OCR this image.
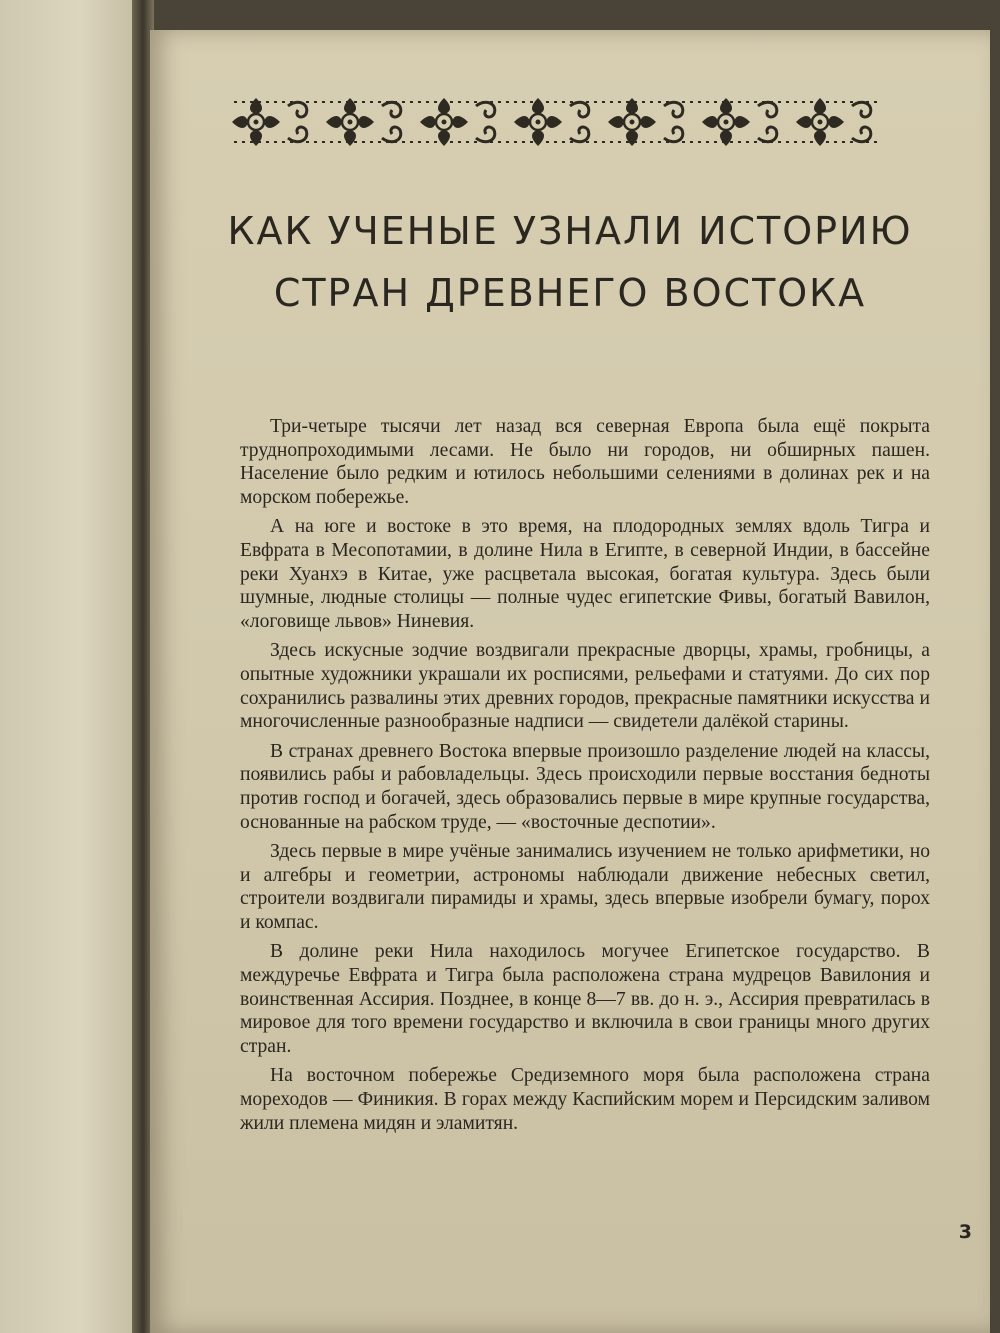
КАК УЧЕНЫЕ УЗНАЛИ ИСТОРИЮ
СТРАН ДРЕВНЕГО ВОСТОКА

Три-четыре тысячи лет назад вся северная Европа была ещё покрыта труднопроходимыми лесами. Не было ни городов, ни обширных пашен. Население было редким и ютилось небольшими селениями в долинах рек и на морском побережье.

А на юге и востоке в это время, на плодородных землях вдоль Тигра и Евфрата в Месопотамии, в долине Нила в Египте, в северной Индии, в бассейне реки Хуанхэ в Китае, уже расцветала высокая, богатая культура. Здесь были шумные, людные столицы — полные чудес египетские Фивы, богатый Вавилон, «логовище львов» Ниневия.

Здесь искусные зодчие воздвигали прекрасные дворцы, храмы, гробницы, а опытные художники украшали их росписями, рельефами и статуями. До сих пор сохранились развалины этих древних городов, прекрасные памятники искусства и многочисленные разнообразные надписи — свидетели далёкой старины.

В странах древнего Востока впервые произошло разделение людей на классы, появились рабы и рабовладельцы. Здесь происходили первые восстания бедноты против господ и богачей, здесь образовались первые в мире крупные государства, основанные на рабском труде, — «восточные деспотии».

Здесь первые в мире учёные занимались изучением не только арифметики, но и алгебры и геометрии, астрономы наблюдали движение небесных светил, строители воздвигали пирамиды и храмы, здесь впервые изобрели бумагу, порох и компас.

В долине реки Нила находилось могучее Египетское государство. В междуречье Евфрата и Тигра была расположена страна мудрецов Вавилония и воинственная Ассирия. Позднее, в конце 8—7 вв. до н. э., Ассирия превратилась в мировое для того времени государство и включила в свои границы много других стран.

На восточном побережье Средиземного моря была расположена страна мореходов — Финикия. В горах между Каспийским морем и Персидским заливом жили племена мидян и эламитян.

3
